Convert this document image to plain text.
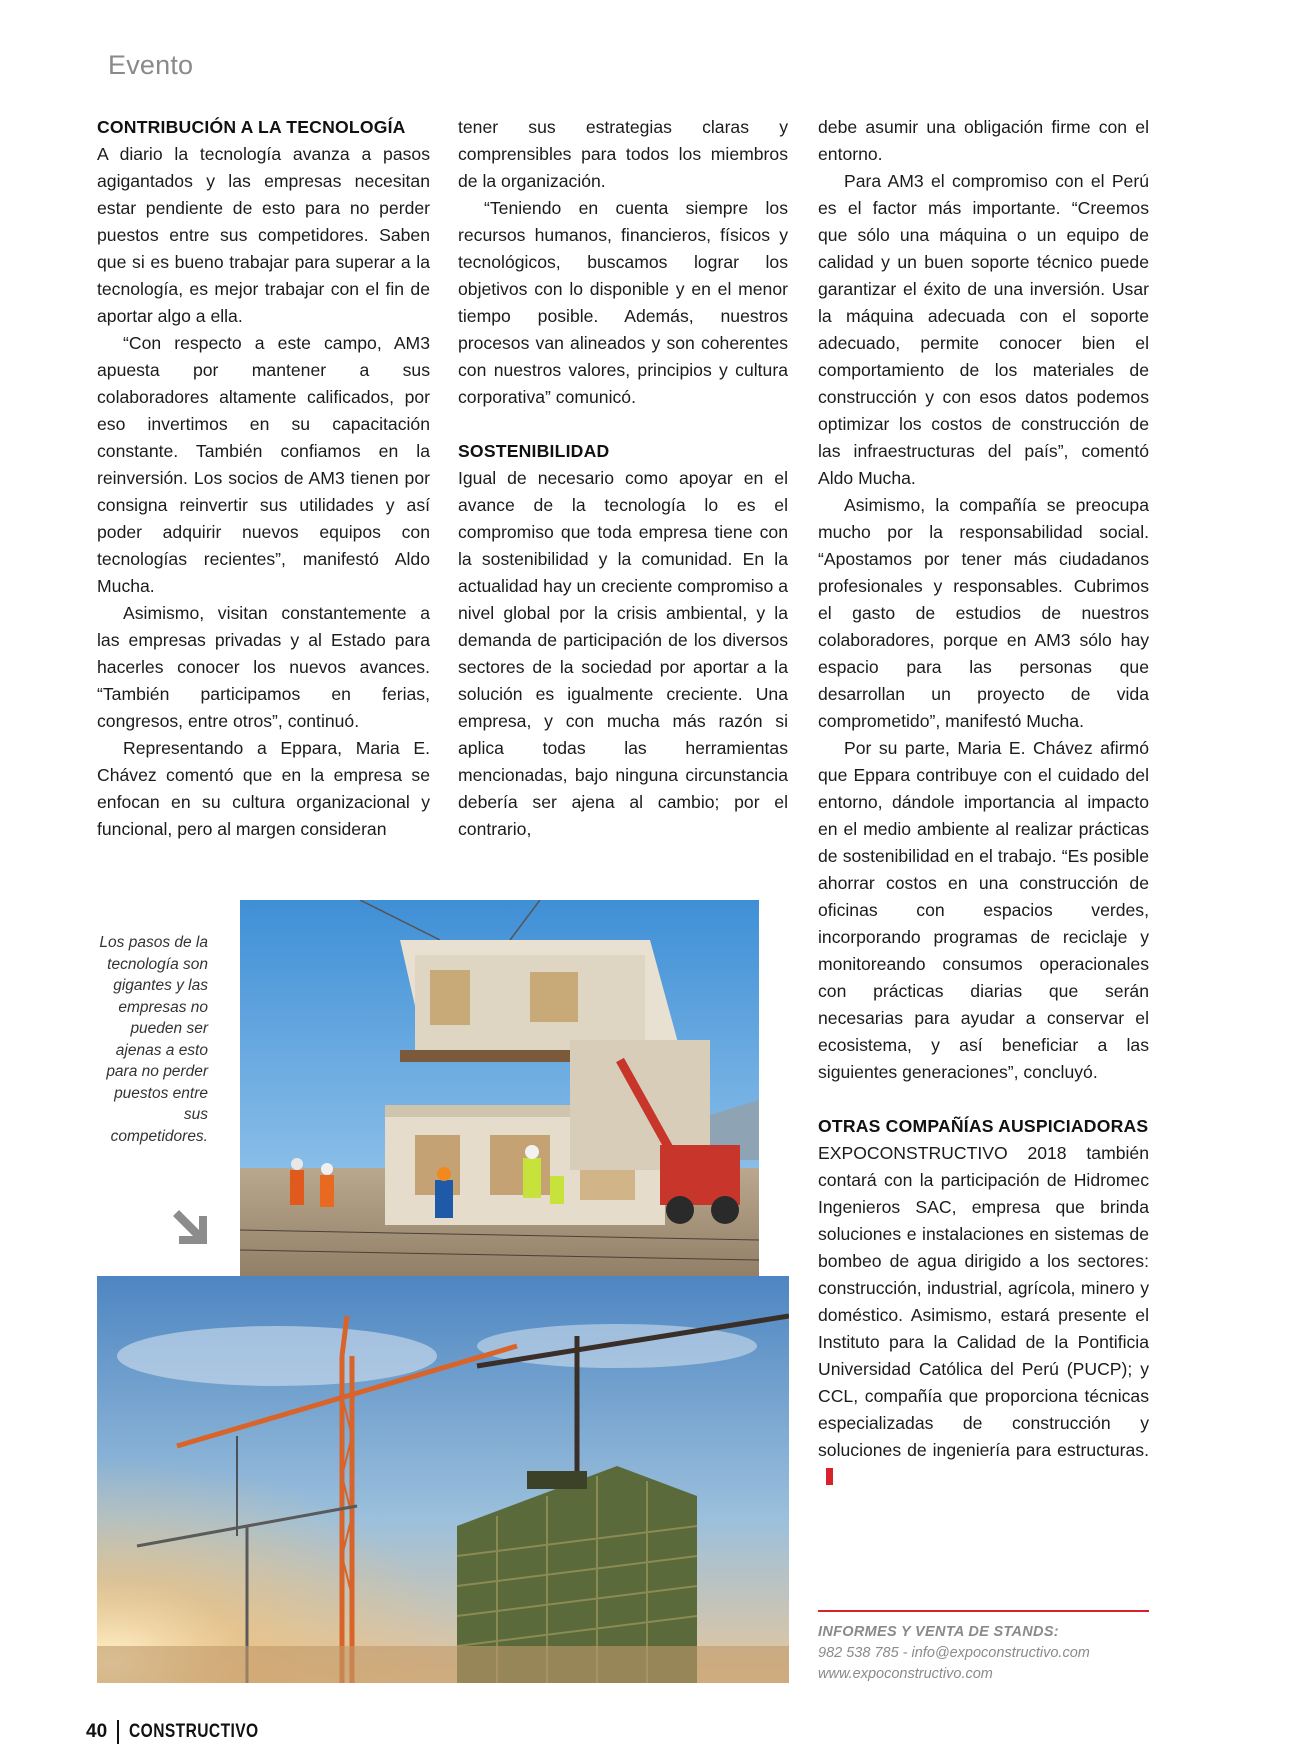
Evento
CONTRIBUCIÓN A LA TECNOLOGÍA

A diario la tecnología avanza a pasos agigantados y las empresas necesitan estar pendiente de esto para no perder puestos entre sus competidores. Saben que si es bueno trabajar para superar a la tecnología, es mejor trabajar con el fin de aportar algo a ella.

“Con respecto a este campo, AM3 apuesta por mantener a sus colaboradores altamente calificados, por eso invertimos en su capacitación constante. También confiamos en la reinversión. Los socios de AM3 tienen por consigna reinvertir sus utilidades y así poder adquirir nuevos equipos con tecnologías recientes”, manifestó Aldo Mucha.

Asimismo, visitan constantemente a las empresas privadas y al Estado para hacerles conocer los nuevos avances. “También participamos en ferias, congresos, entre otros”, continuó.

Representando a Eppara, Maria E. Chávez comentó que en la empresa se enfocan en su cultura organizacional y funcional, pero al margen consideran

tener sus estrategias claras y comprensibles para todos los miembros de la organización.

“Teniendo en cuenta siempre los recursos humanos, financieros, físicos y tecnológicos, buscamos lograr los objetivos con lo disponible y en el menor tiempo posible. Además, nuestros procesos van alineados y son coherentes con nuestros valores, principios y cultura corporativa” comunicó.

SOSTENIBILIDAD

Igual de necesario como apoyar en el avance de la tecnología lo es el compromiso que toda empresa tiene con la sostenibilidad y la comunidad. En la actualidad hay un creciente compromiso a nivel global por la crisis ambiental, y la demanda de participación de los diversos sectores de la sociedad por aportar a la solución es igualmente creciente. Una empresa, y con mucha más razón si aplica todas las herramientas mencionadas, bajo ninguna circunstancia debería ser ajena al cambio; por el contrario,

debe asumir una obligación firme con el entorno.

Para AM3 el compromiso con el Perú es el factor más importante. “Creemos que sólo una máquina o un equipo de calidad y un buen soporte técnico puede garantizar el éxito de una inversión. Usar la máquina adecuada con el soporte adecuado, permite conocer bien el comportamiento de los materiales de construcción y con esos datos podemos optimizar los costos de construcción de las infraestructuras del país”, comentó Aldo Mucha.

Asimismo, la compañía se preocupa mucho por la responsabilidad social. “Apostamos por tener más ciudadanos profesionales y responsables. Cubrimos el gasto de estudios de nuestros colaboradores, porque en AM3 sólo hay espacio para las personas que desarrollan un proyecto de vida comprometido”, manifestó Mucha.

Por su parte, Maria E. Chávez afirmó que Eppara contribuye con el cuidado del entorno, dándole importancia al impacto en el medio ambiente al realizar prácticas de sostenibilidad en el trabajo. “Es posible ahorrar costos en una construcción de oficinas con espacios verdes, incorporando programas de reciclaje y monitoreando consumos operacionales con prácticas diarias que serán necesarias para ayudar a conservar el ecosistema, y así beneficiar a las siguientes generaciones”, concluyó.

OTRAS COMPAÑÍAS AUSPICIADORAS

EXPOCONSTRUCTIVO 2018 también contará con la participación de Hidromec Ingenieros SAC, empresa que brinda soluciones e instalaciones en sistemas de bombeo de agua dirigido a los sectores: construcción, industrial, agrícola, minero y doméstico. Asimismo, estará presente el Instituto para la Calidad de la Pontificia Universidad Católica del Perú (PUCP); y CCL, compañía que proporciona técnicas especializadas de construcción y soluciones de ingeniería para estructuras.

Los pasos de la tecnología son gigantes y las empresas no pueden ser ajenas a esto para no perder puestos entre sus competidores.
INFORMES Y VENTA DE STANDS:
982 538 785 - info@expoconstructivo.com
www.expoconstructivo.com
40 CONSTRUCTIVO
